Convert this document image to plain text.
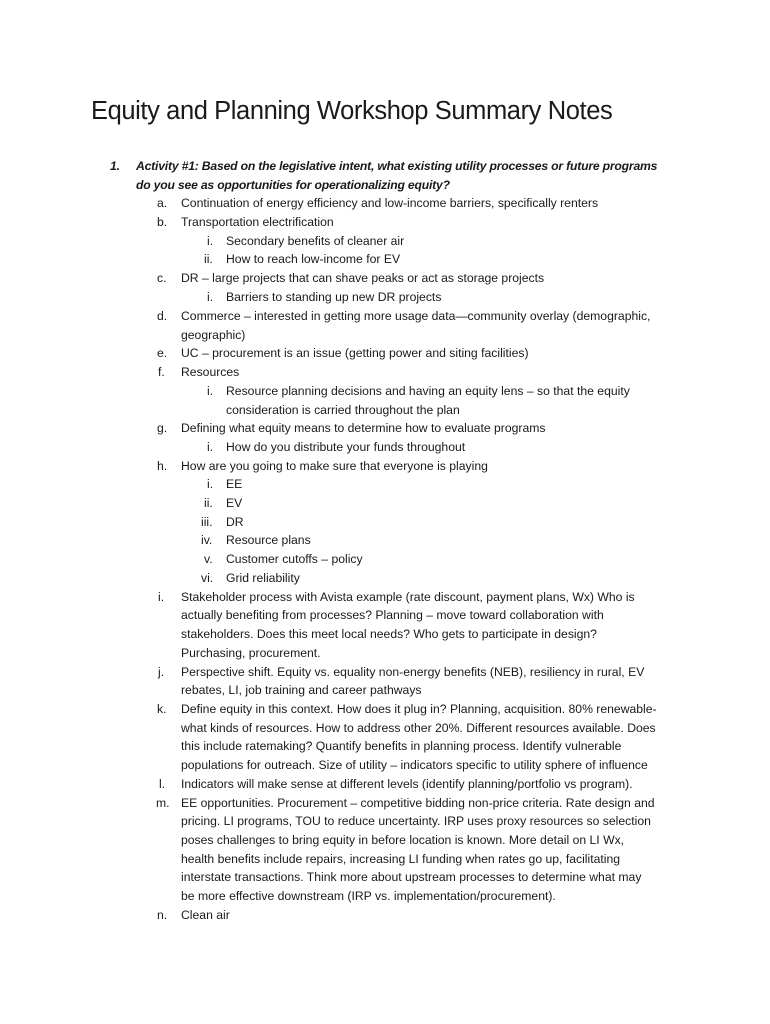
Equity and Planning Workshop Summary Notes
1. Activity #1: Based on the legislative intent, what existing utility processes or future programs
do you see as opportunities for operationalizing equity?
a. Continuation of energy efficiency and low-income barriers, specifically renters
b. Transportation electrification
i. Secondary benefits of cleaner air
ii. How to reach low-income for EV
c. DR – large projects that can shave peaks or act as storage projects
i. Barriers to standing up new DR projects
d. Commerce – interested in getting more usage data—community overlay (demographic,
geographic)
e. UC – procurement is an issue (getting power and siting facilities)
f. Resources
i. Resource planning decisions and having an equity lens – so that the equity
consideration is carried throughout the plan
g. Defining what equity means to determine how to evaluate programs
i. How do you distribute your funds throughout
h. How are you going to make sure that everyone is playing
i. EE
ii. EV
iii. DR
iv. Resource plans
v. Customer cutoffs – policy
vi. Grid reliability
i. Stakeholder process with Avista example (rate discount, payment plans, Wx) Who is
actually benefiting from processes? Planning – move toward collaboration with
stakeholders. Does this meet local needs? Who gets to participate in design?
Purchasing, procurement.
j. Perspective shift. Equity vs. equality non-energy benefits (NEB), resiliency in rural, EV
rebates, LI, job training and career pathways
k. Define equity in this context. How does it plug in? Planning, acquisition. 80% renewable-
what kinds of resources. How to address other 20%. Different resources available. Does
this include ratemaking? Quantify benefits in planning process. Identify vulnerable
populations for outreach. Size of utility – indicators specific to utility sphere of influence
l. Indicators will make sense at different levels (identify planning/portfolio vs program).
m. EE opportunities. Procurement – competitive bidding non-price criteria. Rate design and
pricing. LI programs, TOU to reduce uncertainty. IRP uses proxy resources so selection
poses challenges to bring equity in before location is known. More detail on LI Wx,
health benefits include repairs, increasing LI funding when rates go up, facilitating
interstate transactions. Think more about upstream processes to determine what may
be more effective downstream (IRP vs. implementation/procurement).
n. Clean air
